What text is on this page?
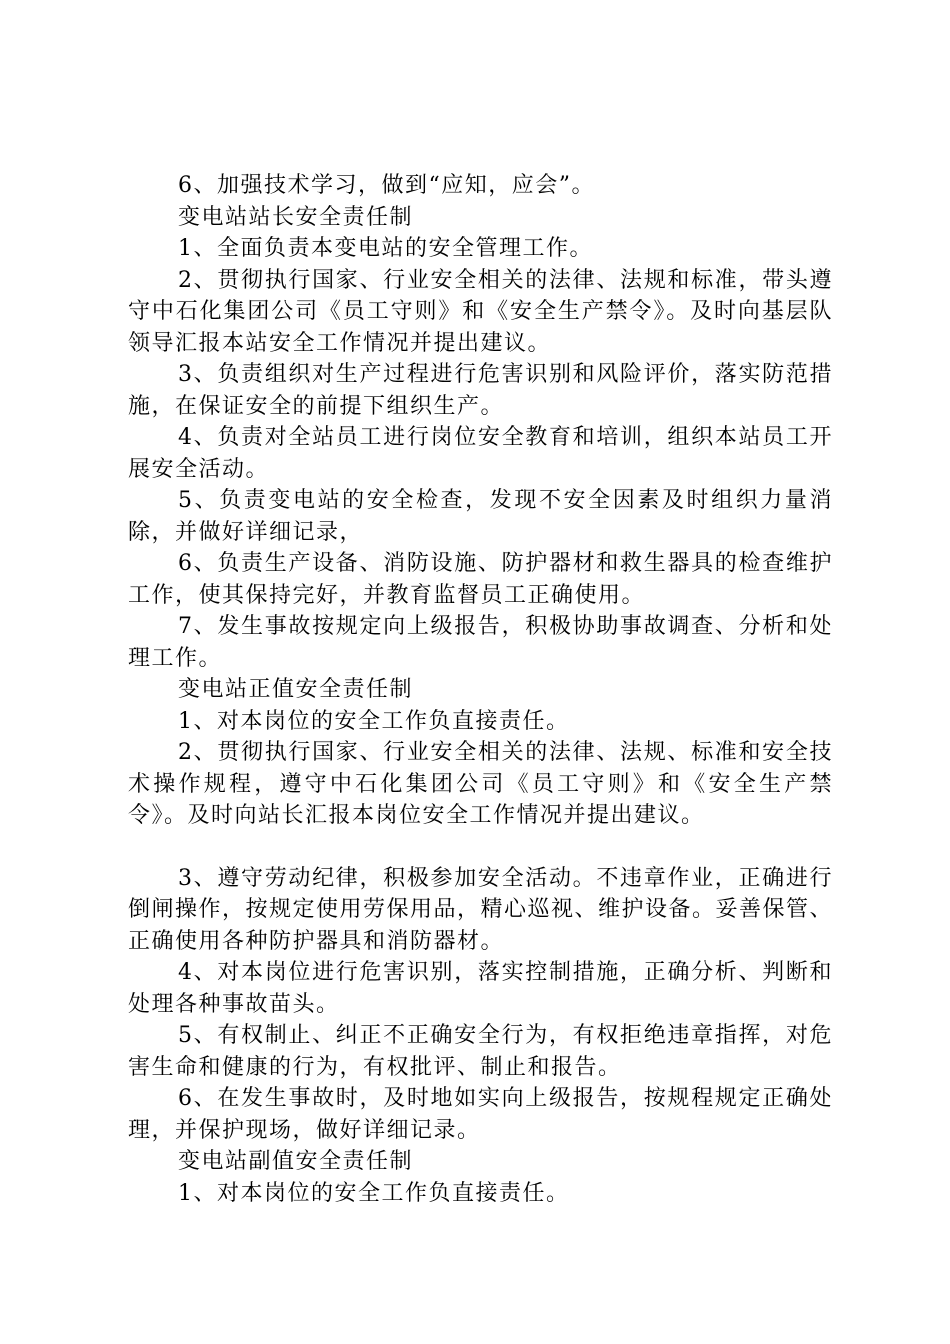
6、加强技术学习，做到“应知，应会”。

变电站站长安全责任制

1、全面负责本变电站的安全管理工作。

2、贯彻执行国家、行业安全相关的法律、法规和标准，带头遵守中石化集团公司《员工守则》和《安全生产禁令》。及时向基层队领导汇报本站安全工作情况并提出建议。

3、负责组织对生产过程进行危害识别和风险评价，落实防范措施，在保证安全的前提下组织生产。

4、负责对全站员工进行岗位安全教育和培训，组织本站员工开展安全活动。

5、负责变电站的安全检查，发现不安全因素及时组织力量消除，并做好详细记录，

6、负责生产设备、消防设施、防护器材和救生器具的检查维护工作，使其保持完好，并教育监督员工正确使用。

7、发生事故按规定向上级报告，积极协助事故调查、分析和处理工作。

变电站正值安全责任制

1、对本岗位的安全工作负直接责任。

2、贯彻执行国家、行业安全相关的法律、法规、标准和安全技术操作规程，遵守中石化集团公司《员工守则》和《安全生产禁令》。及时向站长汇报本岗位安全工作情况并提出建议。

3、遵守劳动纪律，积极参加安全活动。不违章作业，正确进行倒闸操作，按规定使用劳保用品，精心巡视、维护设备。妥善保管、正确使用各种防护器具和消防器材。

4、对本岗位进行危害识别，落实控制措施，正确分析、判断和处理各种事故苗头。

5、有权制止、纠正不正确安全行为，有权拒绝违章指挥，对危害生命和健康的行为，有权批评、制止和报告。

6、在发生事故时，及时地如实向上级报告，按规程规定正确处理，并保护现场，做好详细记录。

变电站副值安全责任制

1、对本岗位的安全工作负直接责任。
